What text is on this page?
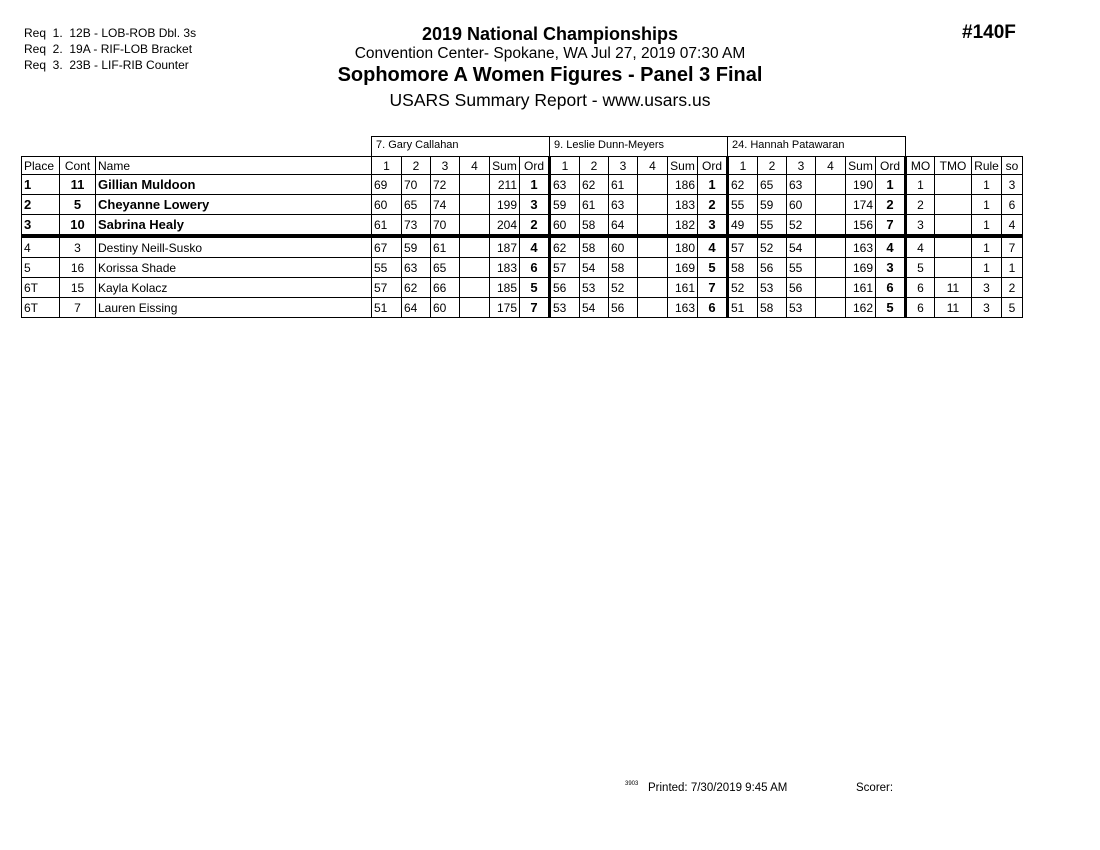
Req  1.  12B - LOB-ROB Dbl. 3s
Req  2.  19A - RIF-LOB Bracket
Req  3.  23B - LIF-RIB Counter
#140F
2019 National Championships
Convention Center- Spokane, WA Jul 27, 2019 07:30 AM
Sophomore A Women Figures - Panel 3 Final
USARS Summary Report - www.usars.us
			7. Gary Callahan						9. Leslie Dunn-Meyers						24. Hannah Patawaran									
Place	Cont	Name	1	2	3	4	Sum	Ord	1	2	3	4	Sum	Ord	1	2	3	4	Sum	Ord	MO	TMO	Rule	so
1	11	Gillian Muldoon	69	70	72		211	1	63	62	61		186	1	62	65	63		190	1	1		1	3
2	5	Cheyanne Lowery	60	65	74		199	3	59	61	63		183	2	55	59	60		174	2	2		1	6
3	10	Sabrina Healy	61	73	70		204	2	60	58	64		182	3	49	55	52		156	7	3		1	4
4	3	Destiny Neill-Susko	67	59	61		187	4	62	58	60		180	4	57	52	54		163	4	4		1	7
5	16	Korissa Shade	55	63	65		183	6	57	54	58		169	5	58	56	55		169	3	5		1	1
6T	15	Kayla Kolacz	57	62	66		185	5	56	53	52		161	7	52	53	56		161	6	6	11	3	2
6T	7	Lauren Eissing	51	64	60		175	7	53	54	56		163	6	51	58	53		162	5	6	11	3	5
3903 Printed: 7/30/2019 9:45 AM	Scorer:
